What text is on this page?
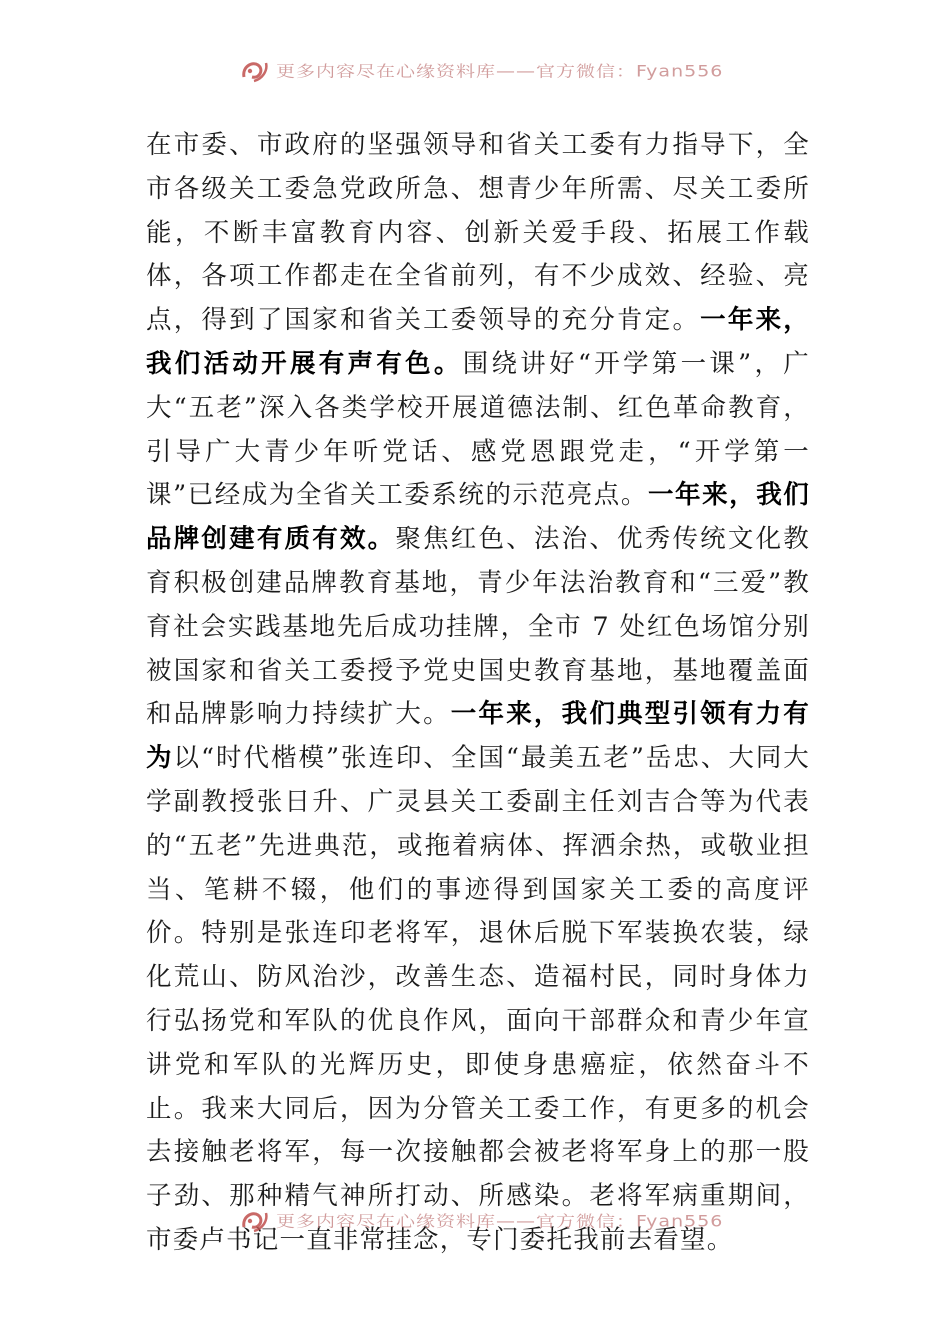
更多内容尽在心缘资料库——官方微信：Fyan556

在市委、市政府的坚强领导和省关工委有力指导下，全市各级关工委急党政所急、想青少年所需、尽关工委所能，不断丰富教育内容、创新关爱手段、拓展工作载体，各项工作都走在全省前列，有不少成效、经验、亮点，得到了国家和省关工委领导的充分肯定。一年来，我们活动开展有声有色。围绕讲好“开学第一课”，广大“五老”深入各类学校开展道德法制、红色革命教育，引导广大青少年听党话、感党恩跟党走，“开学第一课”已经成为全省关工委系统的示范亮点。一年来，我们品牌创建有质有效。聚焦红色、法治、优秀传统文化教育积极创建品牌教育基地，青少年法治教育和“三爱”教育社会实践基地先后成功挂牌，全市 7 处红色场馆分别被国家和省关工委授予党史国史教育基地，基地覆盖面和品牌影响力持续扩大。一年来，我们典型引领有力有为以“时代楷模”张连印、全国“最美五老”岳忠、大同大学副教授张日升、广灵县关工委副主任刘吉合等为代表的“五老”先进典范，或拖着病体、挥洒余热，或敬业担当、笔耕不辍，他们的事迹得到国家关工委的高度评价。特别是张连印老将军，退休后脱下军装换农装，绿化荒山、防风治沙，改善生态、造福村民，同时身体力行弘扬党和军队的优良作风，面向干部群众和青少年宣讲党和军队的光辉历史，即使身患癌症，依然奋斗不止。我来大同后，因为分管关工委工作，有更多的机会去接触老将军，每一次接触都会被老将军身上的那一股子劲、那种精气神所打动、所感染。老将军病重期间，市委卢书记一直非常挂念，专门委托我前去看望。

更多内容尽在心缘资料库——官方微信：Fyan556
